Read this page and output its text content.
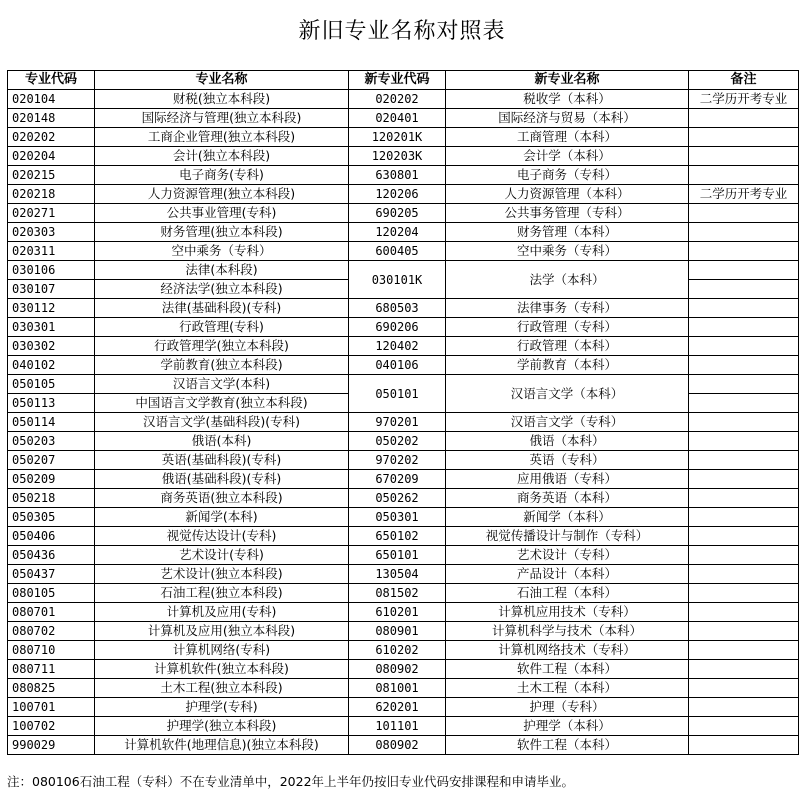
新旧专业名称对照表
专业代码	专业名称	新专业代码	新专业名称	备注
020104	财税(独立本科段)	020202	税收学（本科）	二学历开考专业
020148	国际经济与管理(独立本科段)	020401	国际经济与贸易（本科）	
020202	工商企业管理(独立本科段)	120201K	工商管理（本科）	
020204	会计(独立本科段)	120203K	会计学（本科）	
020215	电子商务(专科)	630801	电子商务（专科）	
020218	人力资源管理(独立本科段)	120206	人力资源管理（本科）	二学历开考专业
020271	公共事业管理(专科)	690205	公共事务管理（专科）	
020303	财务管理(独立本科段)	120204	财务管理（本科）	
020311	空中乘务（专科）	600405	空中乘务（专科）	
030106	法律(本科段)	030101K	法学（本科）	
030107	经济法学(独立本科段)			
030112	法律(基础科段)(专科)	680503	法律事务（专科）	
030301	行政管理(专科)	690206	行政管理（专科）	
030302	行政管理学(独立本科段)	120402	行政管理（本科）	
040102	学前教育(独立本科段)	040106	学前教育（本科）	
050105	汉语言文学(本科)	050101	汉语言文学（本科）	
050113	中国语言文学教育(独立本科段)			
050114	汉语言文学(基础科段)(专科)	970201	汉语言文学（专科）	
050203	俄语(本科)	050202	俄语（本科）	
050207	英语(基础科段)(专科)	970202	英语（专科）	
050209	俄语(基础科段)(专科)	670209	应用俄语（专科）	
050218	商务英语(独立本科段)	050262	商务英语（本科）	
050305	新闻学(本科)	050301	新闻学（本科）	
050406	视觉传达设计(专科)	650102	视觉传播设计与制作（专科）	
050436	艺术设计(专科)	650101	艺术设计（专科）	
050437	艺术设计(独立本科段)	130504	产品设计（本科）	
080105	石油工程(独立本科段)	081502	石油工程（本科）	
080701	计算机及应用(专科)	610201	计算机应用技术（专科）	
080702	计算机及应用(独立本科段)	080901	计算机科学与技术（本科）	
080710	计算机网络(专科)	610202	计算机网络技术（专科）	
080711	计算机软件(独立本科段)	080902	软件工程（本科）	
080825	土木工程(独立本科段)	081001	土木工程（本科）	
100701	护理学(专科)	620201	护理（专科）	
100702	护理学(独立本科段)	101101	护理学（本科）	
990029	计算机软件(地理信息)(独立本科段)	080902	软件工程（本科）	
注：080106石油工程（专科）不在专业清单中，2022年上半年仍按旧专业代码安排课程和申请毕业。
